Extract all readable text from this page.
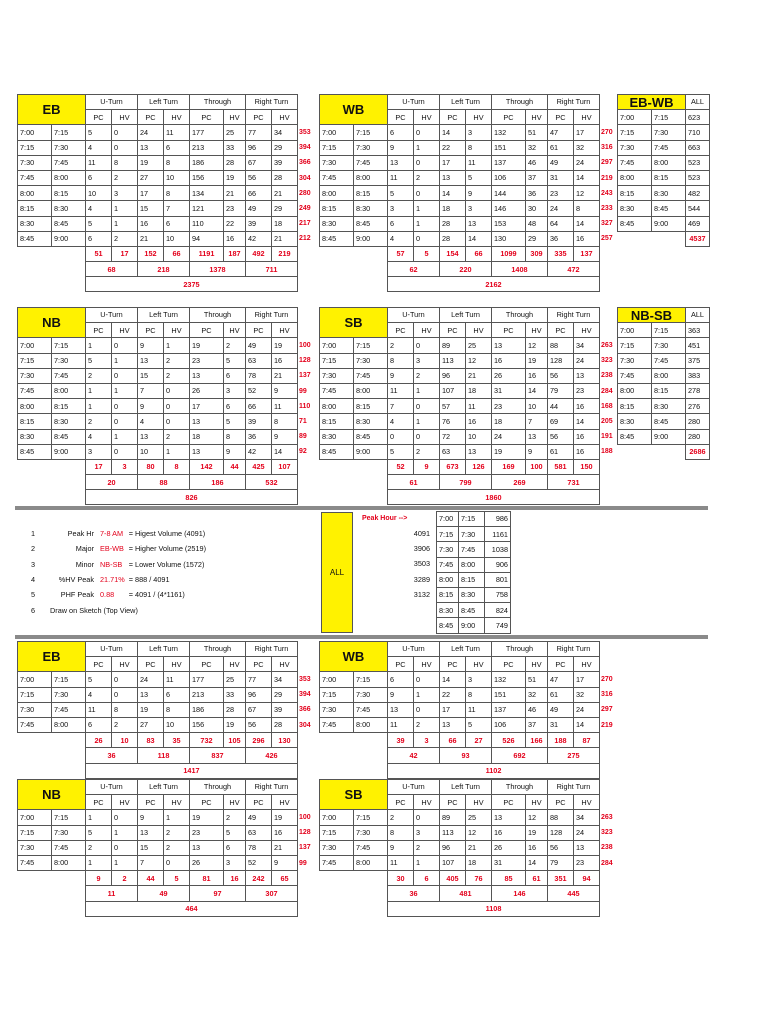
EB		U-Turn		Left Turn		Through		Right Turn		
		PC	HV	PC	HV	PC	HV	PC	HV	
7:00	7:15	5	0	24	11	177	25	77	34	353
7:15	7:30	4	0	13	6	213	33	96	29	394
7:30	7:45	11	8	19	8	186	28	67	39	366
7:45	8:00	6	2	27	10	156	19	56	28	304
8:00	8:15	10	3	17	8	134	21	66	21	280
8:15	8:30	4	1	15	7	121	23	49	29	249
8:30	8:45	5	1	16	6	110	22	39	18	217
8:45	9:00	6	2	21	10	94	16	42	21	212
		51	17	152	66	1191	187	492	219	
		68		218		1378		711		
		2375								
WB		U-Turn		Left Turn		Through		Right Turn		
		PC	HV	PC	HV	PC	HV	PC	HV	
7:00	7:15	6	0	14	3	132	51	47	17	270
7:15	7:30	9	1	22	8	151	32	61	32	316
7:30	7:45	13	0	17	11	137	46	49	24	297
7:45	8:00	11	2	13	5	106	37	31	14	219
8:00	8:15	5	0	14	9	144	36	23	12	243
8:15	8:30	3	1	18	3	146	30	24	8	233
8:30	8:45	6	1	28	13	153	48	64	14	327
8:45	9:00	4	0	28	14	130	29	36	16	257
		57	5	154	66	1099	309	335	137	
		62		220		1408		472		
		2162								
NB		U-Turn		Left Turn		Through		Right Turn		
		PC	HV	PC	HV	PC	HV	PC	HV	
7:00	7:15	1	0	9	1	19	2	49	19	100
7:15	7:30	5	1	13	2	23	5	63	16	128
7:30	7:45	2	0	15	2	13	6	78	21	137
7:45	8:00	1	1	7	0	26	3	52	9	99
8:00	8:15	1	0	9	0	17	6	66	11	110
8:15	8:30	2	0	4	0	13	5	39	8	71
8:30	8:45	4	1	13	2	18	8	36	9	89
8:45	9:00	3	0	10	1	13	9	42	14	92
		17	3	80	8	142	44	425	107	
		20		88		186		532		
		826								
SB		U-Turn		Left Turn		Through		Right Turn		
		PC	HV	PC	HV	PC	HV	PC	HV	
7:00	7:15	2	0	89	25	13	12	88	34	263
7:15	7:30	8	3	113	12	16	19	128	24	323
7:30	7:45	9	2	96	21	26	16	56	13	238
7:45	8:00	11	1	107	18	31	14	79	23	284
8:00	8:15	7	0	57	11	23	10	44	16	168
8:15	8:30	4	1	76	16	18	7	69	14	205
8:30	8:45	0	0	72	10	24	13	56	16	191
8:45	9:00	5	2	63	13	19	9	61	16	188
		52	9	673	126	169	100	581	150	
		61		799		269		731		
		1860								
EB-WB		ALL

7:00	7:15	623
7:15	7:30	710
7:30	7:45	663
7:45	8:00	523
8:00	8:15	523
8:15	8:30	482
8:30	8:45	544
8:45	9:00	469
		4537
NB-SB		ALL

7:00	7:15	363
7:15	7:30	451
7:30	7:45	375
7:45	8:00	383
8:00	8:15	278
8:15	8:30	276
8:30	8:45	280
8:45	9:00	280
		2686
1	Peak Hr	7-8 AM	= Higest Volume (4091)
2	Major	EB-WB	= Higher Volume (2519)
3	Minor	NB-SB	= Lower Volume (1572)
4	%HV Peak	21.71%	= 888 / 4091
5	PHF Peak	0.88	= 4091 / (4*1161)
6	Draw on Sketch (Top View)		
ALL
Peak Hour -->
4091
3906
3503
3289
3132
7:00	7:15	986
7:15	7:30	1161
7:30	7:45	1038
7:45	8:00	906
8:00	8:15	801
8:15	8:30	758
8:30	8:45	824
8:45	9:00	749
EB		U-Turn		Left Turn		Through		Right Turn		
		PC	HV	PC	HV	PC	HV	PC	HV	
7:00	7:15	5	0	24	11	177	25	77	34	353
7:15	7:30	4	0	13	6	213	33	96	29	394
7:30	7:45	11	8	19	8	186	28	67	39	366
7:45	8:00	6	2	27	10	156	19	56	28	304
		26	10	83	35	732	105	296	130	
		36		118		837		426		
		1417								
WB		U-Turn		Left Turn		Through		Right Turn		
		PC	HV	PC	HV	PC	HV	PC	HV	
7:00	7:15	6	0	14	3	132	51	47	17	270
7:15	7:30	9	1	22	8	151	32	61	32	316
7:30	7:45	13	0	17	11	137	46	49	24	297
7:45	8:00	11	2	13	5	106	37	31	14	219
		39	3	66	27	526	166	188	87	
		42		93		692		275		
		1102								
NB		U-Turn		Left Turn		Through		Right Turn		
		PC	HV	PC	HV	PC	HV	PC	HV	
7:00	7:15	1	0	9	1	19	2	49	19	100
7:15	7:30	5	1	13	2	23	5	63	16	128
7:30	7:45	2	0	15	2	13	6	78	21	137
7:45	8:00	1	1	7	0	26	3	52	9	99
		9	2	44	5	81	16	242	65	
		11		49		97		307		
		464								
SB		U-Turn		Left Turn		Through		Right Turn		
		PC	HV	PC	HV	PC	HV	PC	HV	
7:00	7:15	2	0	89	25	13	12	88	34	263
7:15	7:30	8	3	113	12	16	19	128	24	323
7:30	7:45	9	2	96	21	26	16	56	13	238
7:45	8:00	11	1	107	18	31	14	79	23	284
		30	6	405	76	85	61	351	94	
		36		481		146		445		
		1108								
